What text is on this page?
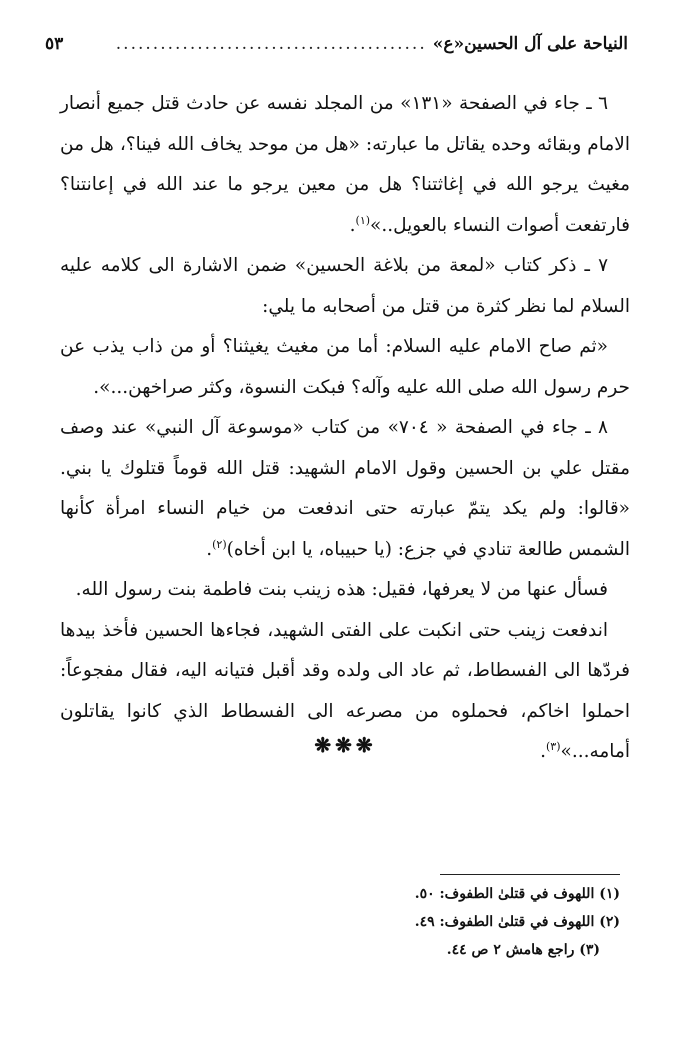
النياحة على آل الحسين«ع»
..........................................
٥٣

٦ ـ جاء في الصفحة «١٣١» من المجلد نفسه عن حادث قتل جميع أنصار الامام وبقائه وحده يقاتل ما عبارته: «هل من موحد يخاف الله فينا؟، هل من مغيث يرجو الله في إغاثتنا؟ هل من معين يرجو ما عند الله في إعانتنا؟ فارتفعت أصوات النساء بالعويل..»$^{(١)}$.

٧ ـ ذكر كتاب «لمعة من بلاغة الحسين» ضمن الاشارة الى كلامه عليه السلام لما نظر كثرة من قتل من أصحابه ما يلي:

«ثم صاح الامام عليه السلام: أما من مغيث يغيثنا؟ أو من ذاب يذب عن حرم رسول الله صلى الله عليه وآله؟ فبكت النسوة، وكثر صراخهن...».

٨ ـ جاء في الصفحة « ٧٠٤» من كتاب «موسوعة آل النبي» عند وصف مقتل علي بن الحسين وقول الامام الشهيد: قتل الله قوماً قتلوك يا بني. «قالوا: ولم يكد يتمّ عبارته حتى اندفعت من خيام النساء امرأة كأنها الشمس طالعة تنادي في جزع: (يا حبيباه، يا ابن أخاه)$^{(٢)}$.

فسأل عنها من لا يعرفها، فقيل: هذه زينب بنت فاطمة بنت رسول الله.

اندفعت زينب حتى انكبت على الفتى الشهيد، فجاءها الحسين فأخذ بيدها فردّها الى الفسطاط، ثم عاد الى ولده وقد أقبل فتيانه اليه، فقال مفجوعاً: احملوا اخاكم، فحملوه من مصرعه الى الفسطاط الذي كانوا يقاتلون أمامه...»$^{(٣)}$.

❋❋❋
(١) اللهوف في قتلىٰ الطفوف: ٥٠.
(٢) اللهوف في قتلىٰ الطفوف: ٤٩.
(٣) راجع هامش ٢ ص ٤٤.
